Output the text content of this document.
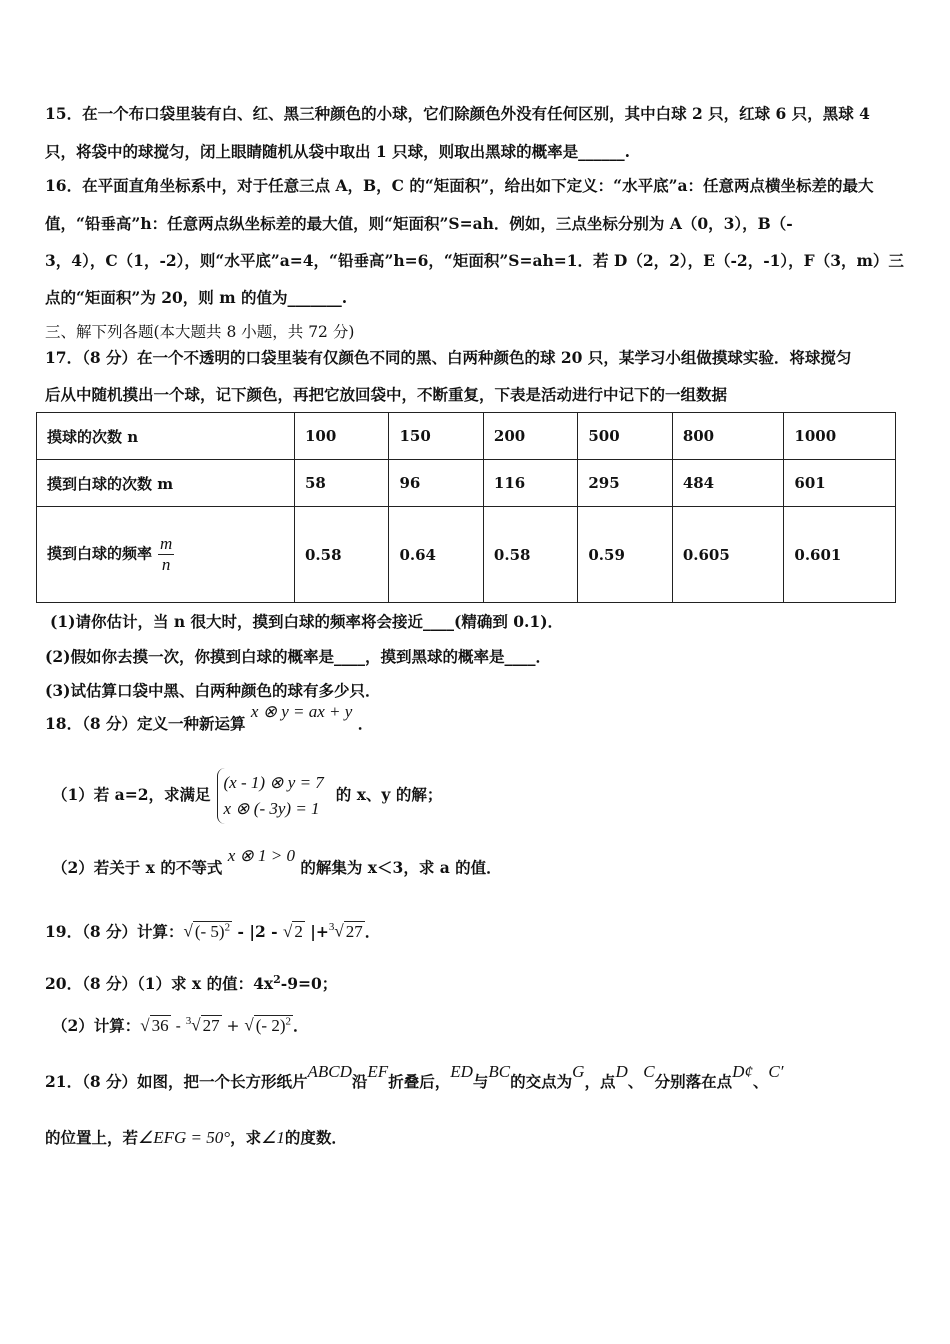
15．在一个布口袋里装有白、红、黑三种颜色的小球，它们除颜色外没有任何区别，其中白球 2 只，红球 6 只，黑球 4
只，将袋中的球搅匀，闭上眼睛随机从袋中取出 1 只球，则取出黑球的概率是______.
16．在平面直角坐标系中，对于任意三点 A，B，C 的“矩面积”，给出如下定义：“水平底”a：任意两点横坐标差的最大
值，“铅垂高”h：任意两点纵坐标差的最大值，则“矩面积”S=ah．例如，三点坐标分别为 A（0，3），B（-
3，4），C（1，-2），则“水平底”a=4，“铅垂高”h=6，“矩面积”S=ah=1．若 D（2，2），E（-2，-1），F（3，m）三
点的“矩面积”为 20，则 m 的值为_______.
三、解下列各题(本大题共 8 小题，共 72 分)
17．（8 分）在一个不透明的口袋里装有仅颜色不同的黑、白两种颜色的球 20 只，某学习小组做摸球实验．将球搅匀
后从中随机摸出一个球，记下颜色，再把它放回袋中，不断重复，下表是活动进行中记下的一组数据
摸球的次数 n	100	150	200	500	800	1000
摸到白球的次数 m	58	96	116	295	484	601
摸到白球的频率 $\frac{m}{n}$	0.58	0.64	0.58	0.59	0.605	0.601
(1)请你估计，当 n 很大时，摸到白球的频率将会接近____(精确到 0.1)．
(2)假如你去摸一次，你摸到白球的概率是____，摸到黑球的概率是____．
(3)试估算口袋中黑、白两种颜色的球有多少只．
18．（8 分）定义一种新运算 x ⊗ y = ax + y ．
（1）若 a=2，求满足
(x - 1) ⊗ y = 7
x ⊗ (- 3y) = 1
的 x、y 的解；
（2）若关于 x 的不等式 x ⊗ 1 > 0 的解集为 x＜3，求 a 的值．
19．（8 分）计算：√ (- 5)$^2$ - |2 - √ 2 |+$^3$√ 27 ．
20．（8 分）（1）求 x 的值：$4x^2-9=0$；
（2）计算：√ 36 - $^3$√ 27 + √ (- 2)$^2$ ．
21．（8 分）如图，把一个长方形纸片ABCD沿EF折叠后，ED与BC的交点为G，点D、C分别落在点D¢、C′
的位置上，若∠EFG = 50°，求∠1的度数．
